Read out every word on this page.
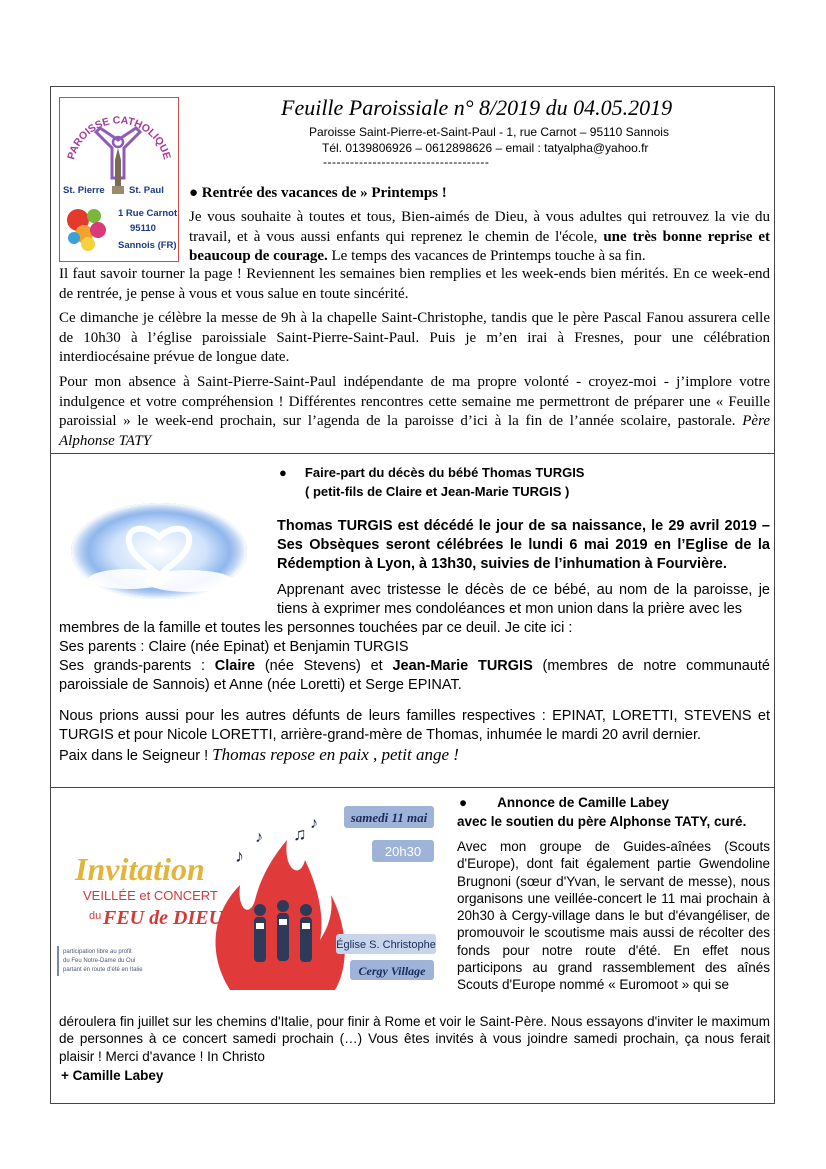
PAROISSE CATHOLIQUE
St. Pierre	St. Paul
1 Rue Carnot
95110
Sannois (FR)
Feuille Paroissiale n° 8/2019 du 04.05.2019
Paroisse Saint-Pierre-et-Saint-Paul - 1, rue Carnot – 95110 Sannois
Tél. 0139806926 – 0612898626 – email : tatyalpha@yahoo.fr
-------------------------------------
● Rentrée des vacances de » Printemps !

Je vous souhaite à toutes et tous, Bien-aimés de Dieu, à vous adultes qui retrouvez la vie du travail, et à vous aussi enfants qui reprenez le chemin de l'école, une très bonne reprise et beaucoup de courage. Le temps des vacances de Printemps touche à sa fin.

Il faut savoir tourner la page ! Reviennent les semaines bien remplies et les week-ends bien mérités. En ce week-end de rentrée, je pense à vous et vous salue en toute sincérité.

Ce dimanche je célèbre la messe de 9h à la chapelle Saint-Christophe, tandis que le père Pascal Fanou assurera celle de 10h30 à l’église paroissiale Saint-Pierre-Saint-Paul. Puis je m’en irai à Fresnes, pour une célébration interdiocésaine prévue de longue date.

Pour mon absence à Saint-Pierre-Saint-Paul indépendante de ma propre volonté - croyez-moi - j’implore votre indulgence et votre compréhension ! Différentes rencontres cette semaine me permettront de préparer une « Feuille paroissial » le week-end prochain, sur l’agenda de la paroisse d’ici à la fin de l’année scolaire, pastorale. Père Alphonse TATY

● Faire-part du décès du bébé Thomas TURGIS
( petit-fils de Claire et Jean-Marie TURGIS )

Thomas TURGIS est décédé le jour de sa naissance, le 29 avril 2019 – Ses Obsèques seront célébrées le lundi 6 mai 2019 en l’Eglise de la Rédemption à Lyon, à 13h30, suivies de l’inhumation à Fourvière.

Apprenant avec tristesse le décès de ce bébé, au nom de la paroisse, je tiens à exprimer mes condoléances et mon union dans la prière avec les

membres de la famille et toutes les personnes touchées par ce deuil. Je cite ici :

Ses parents : Claire (née Epinat) et Benjamin TURGIS

Ses grands-parents : Claire (née Stevens) et Jean-Marie TURGIS (membres de notre communauté paroissiale de Sannois) et Anne (née Loretti) et Serge EPINAT.

Nous prions aussi pour les autres défunts de leurs familles respectives : EPINAT, LORETTI, STEVENS et TURGIS et pour Nicole LORETTI, arrière-grand-mère de Thomas, inhumée le mardi 20 avril dernier.

Paix dans le Seigneur ! Thomas repose en paix , petit ange !

♪
♪ ♫
♪	samedi 11 mai
20h30
Invitation
VEILLÉE et CONCERT
du FEU de DIEU
participation libre au profit
du Feu Notre-Dame du Oui
partant en route d'été en Italie
Église S. Christophe
Cergy Village
● Annonce de Camille Labey
avec le soutien du père Alphonse TATY, curé.

Avec mon groupe de Guides-aînées (Scouts d'Europe), dont fait également partie Gwendoline Brugnoni (sœur d'Yvan, le servant de messe), nous organisons une veillée-concert le 11 mai prochain à 20h30 à Cergy-village dans le but d'évangéliser, de promouvoir le scoutisme mais aussi de récolter des fonds pour notre route d'été. En effet nous participons au grand rassemblement des aînés Scouts d'Europe nommé « Euromoot » qui se

déroulera fin juillet sur les chemins d'Italie, pour finir à Rome et voir le Saint-Père. Nous essayons d'inviter le maximum de personnes à ce concert samedi prochain (…) Vous êtes invités à vous joindre samedi prochain, ça nous ferait plaisir ! Merci d'avance ! In Christo

+ Camille Labey
